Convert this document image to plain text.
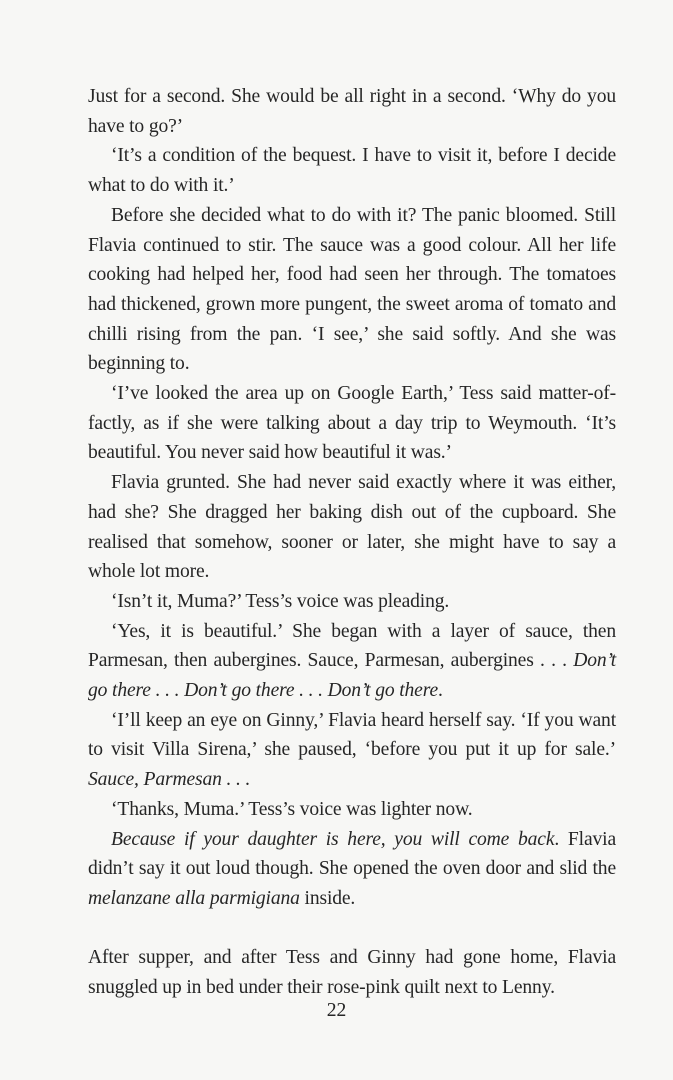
Just for a second. She would be all right in a second. ‘Why do you have to go?’

‘It’s a condition of the bequest. I have to visit it, before I decide what to do with it.’

Before she decided what to do with it? The panic bloomed. Still Flavia continued to stir. The sauce was a good colour. All her life cooking had helped her, food had seen her through. The tomatoes had thickened, grown more pungent, the sweet aroma of tomato and chilli rising from the pan. ‘I see,’ she said softly. And she was beginning to.

‘I’ve looked the area up on Google Earth,’ Tess said matter-of-factly, as if she were talking about a day trip to Weymouth. ‘It’s beautiful. You never said how beautiful it was.’

Flavia grunted. She had never said exactly where it was either, had she? She dragged her baking dish out of the cupboard. She realised that somehow, sooner or later, she might have to say a whole lot more.

‘Isn’t it, Muma?’ Tess’s voice was pleading.

‘Yes, it is beautiful.’ She began with a layer of sauce, then Parmesan, then aubergines. Sauce, Parmesan, aubergines . . . Don’t go there . . . Don’t go there . . . Don’t go there.

‘I’ll keep an eye on Ginny,’ Flavia heard herself say. ‘If you want to visit Villa Sirena,’ she paused, ‘before you put it up for sale.’ Sauce, Parmesan . . .

‘Thanks, Muma.’ Tess’s voice was lighter now.

Because if your daughter is here, you will come back. Flavia didn’t say it out loud though. She opened the oven door and slid the melanzane alla parmigiana inside.

After supper, and after Tess and Ginny had gone home, Flavia snuggled up in bed under their rose-pink quilt next to Lenny.

22
